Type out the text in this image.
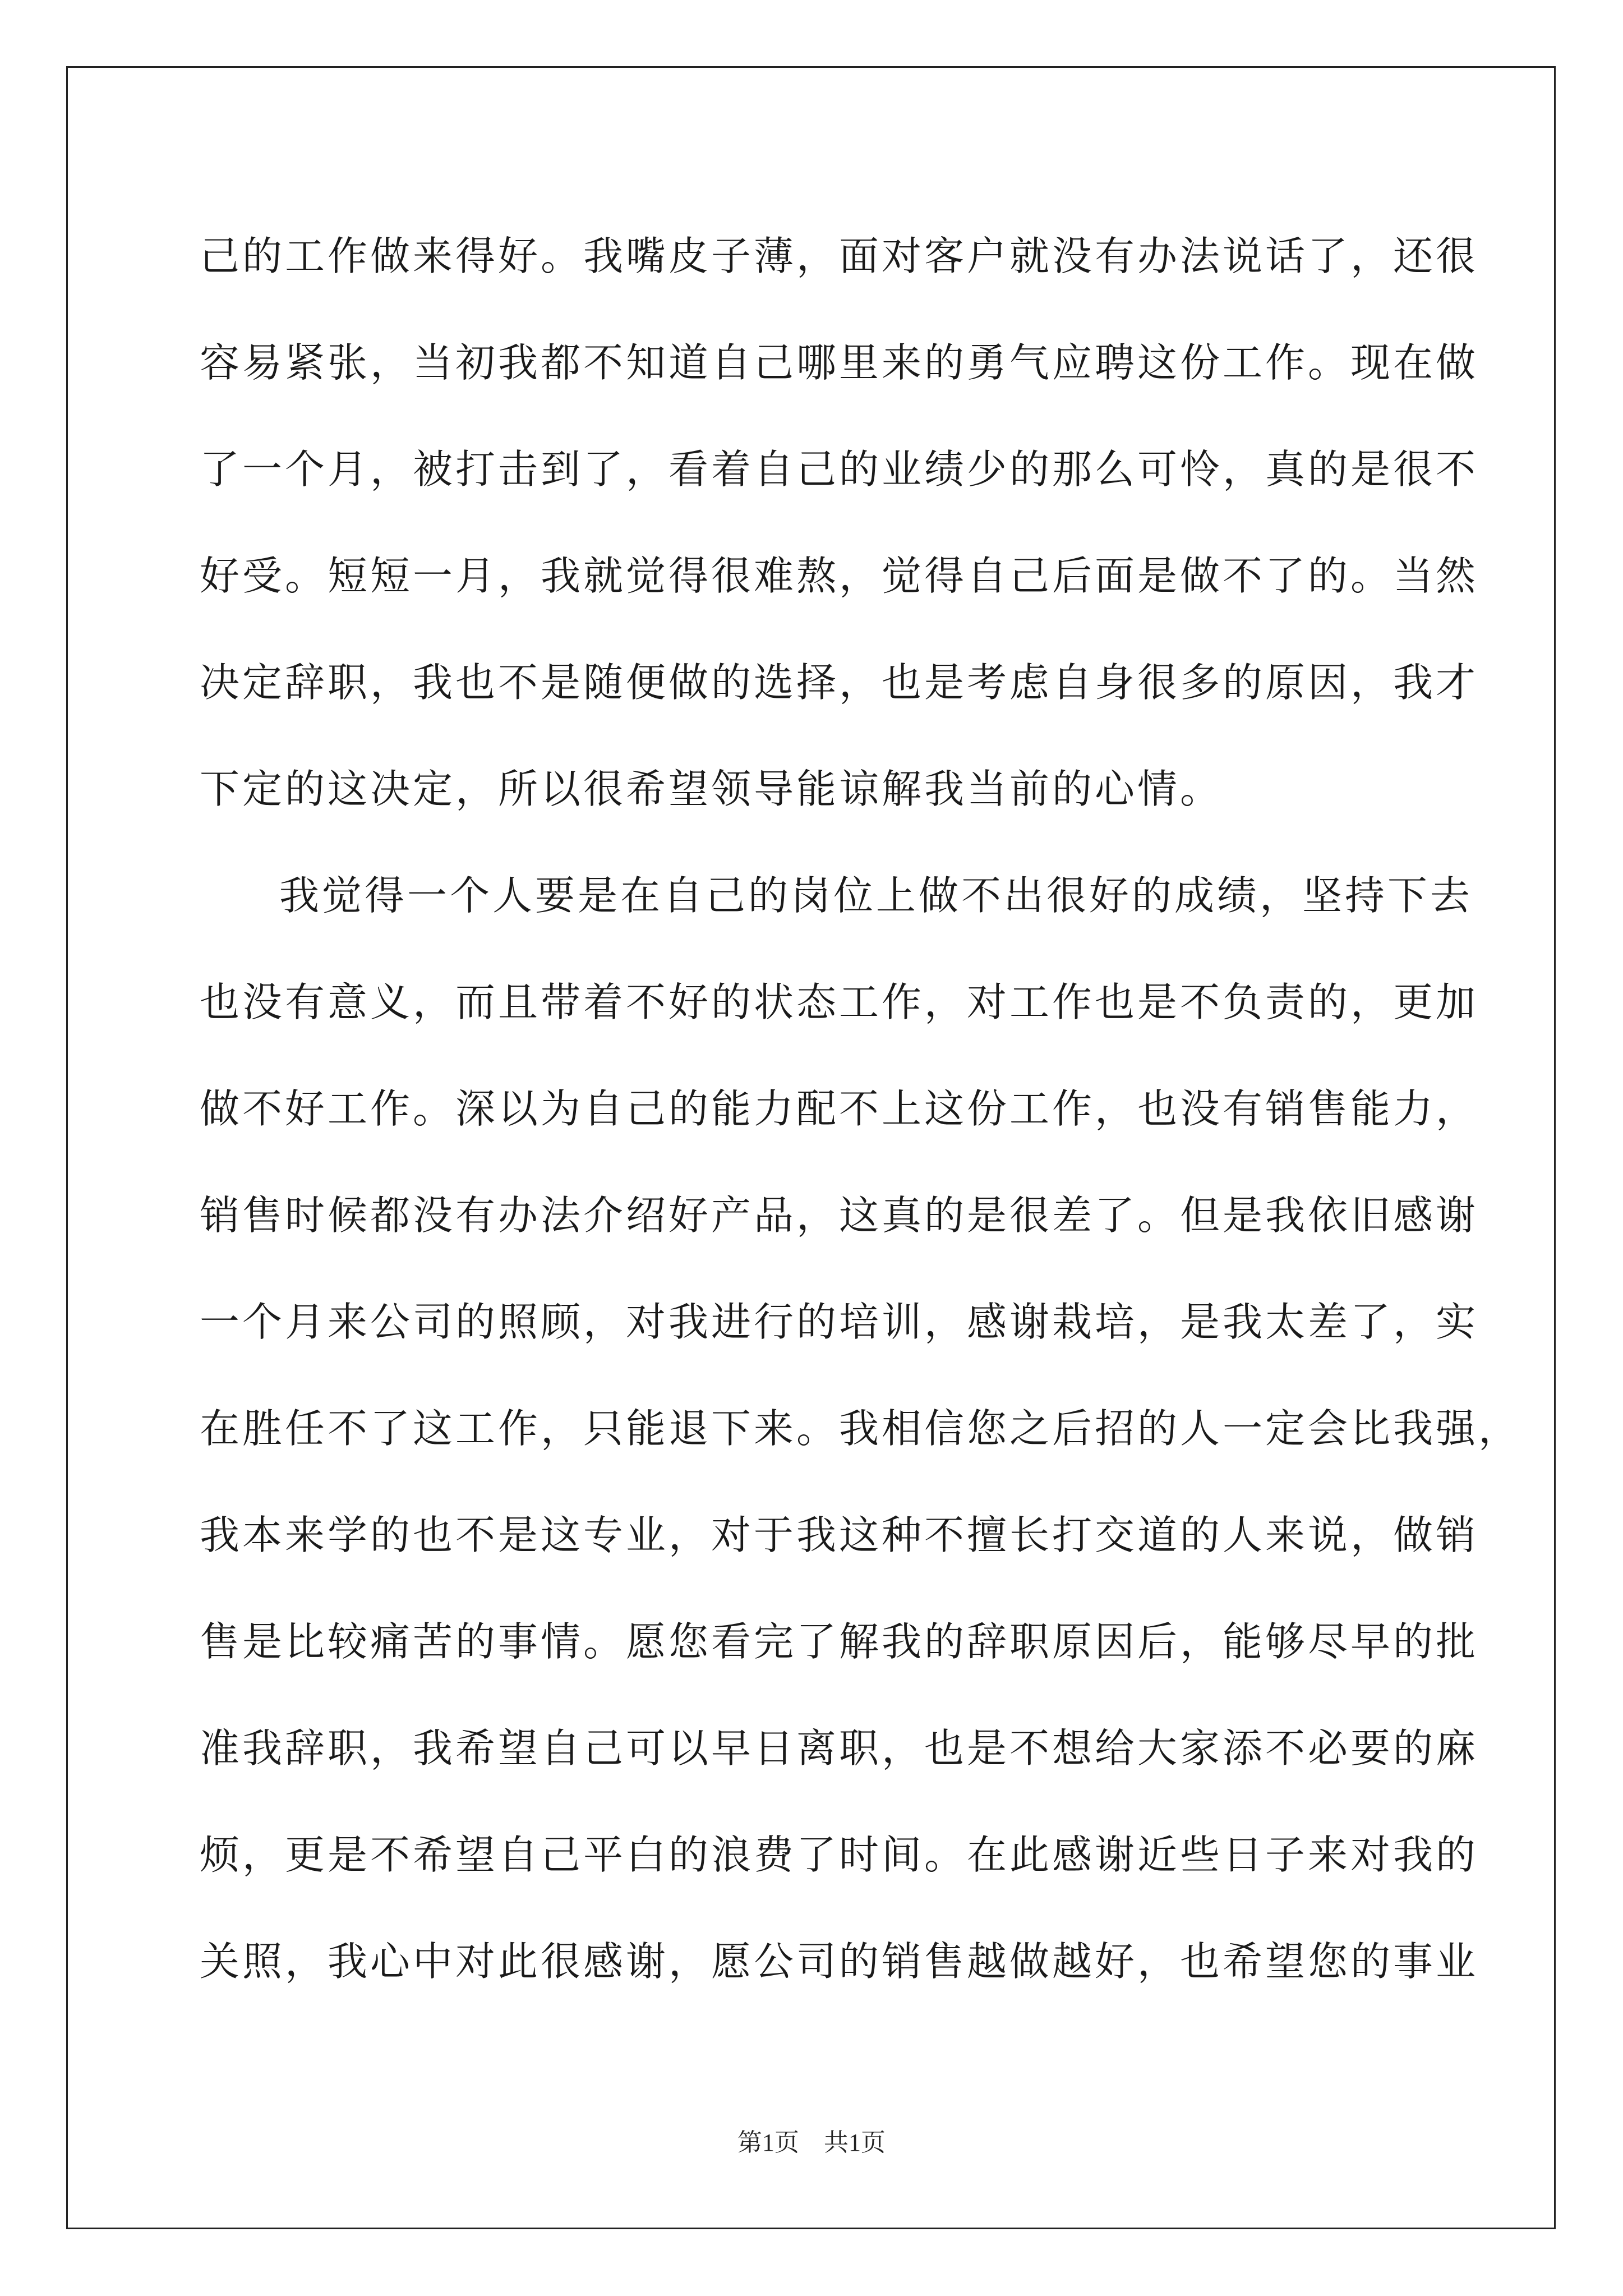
己的工作做来得好。我嘴皮子薄，面对客户就没有办法说话了，还很
容易紧张，当初我都不知道自己哪里来的勇气应聘这份工作。现在做
了一个月，被打击到了，看着自己的业绩少的那么可怜，真的是很不
好受。短短一月，我就觉得很难熬，觉得自己后面是做不了的。当然
决定辞职，我也不是随便做的选择，也是考虑自身很多的原因，我才
下定的这决定，所以很希望领导能谅解我当前的心情。
我觉得一个人要是在自己的岗位上做不出很好的成绩，坚持下去
也没有意义，而且带着不好的状态工作，对工作也是不负责的，更加
做不好工作。深以为自己的能力配不上这份工作，也没有销售能力，
销售时候都没有办法介绍好产品，这真的是很差了。但是我依旧感谢
一个月来公司的照顾，对我进行的培训，感谢栽培，是我太差了，实
在胜任不了这工作，只能退下来。我相信您之后招的人一定会比我强，
我本来学的也不是这专业，对于我这种不擅长打交道的人来说，做销
售是比较痛苦的事情。愿您看完了解我的辞职原因后，能够尽早的批
准我辞职，我希望自己可以早日离职，也是不想给大家添不必要的麻
烦，更是不希望自己平白的浪费了时间。在此感谢近些日子来对我的
关照，我心中对此很感谢，愿公司的销售越做越好，也希望您的事业
第1页 共1页
